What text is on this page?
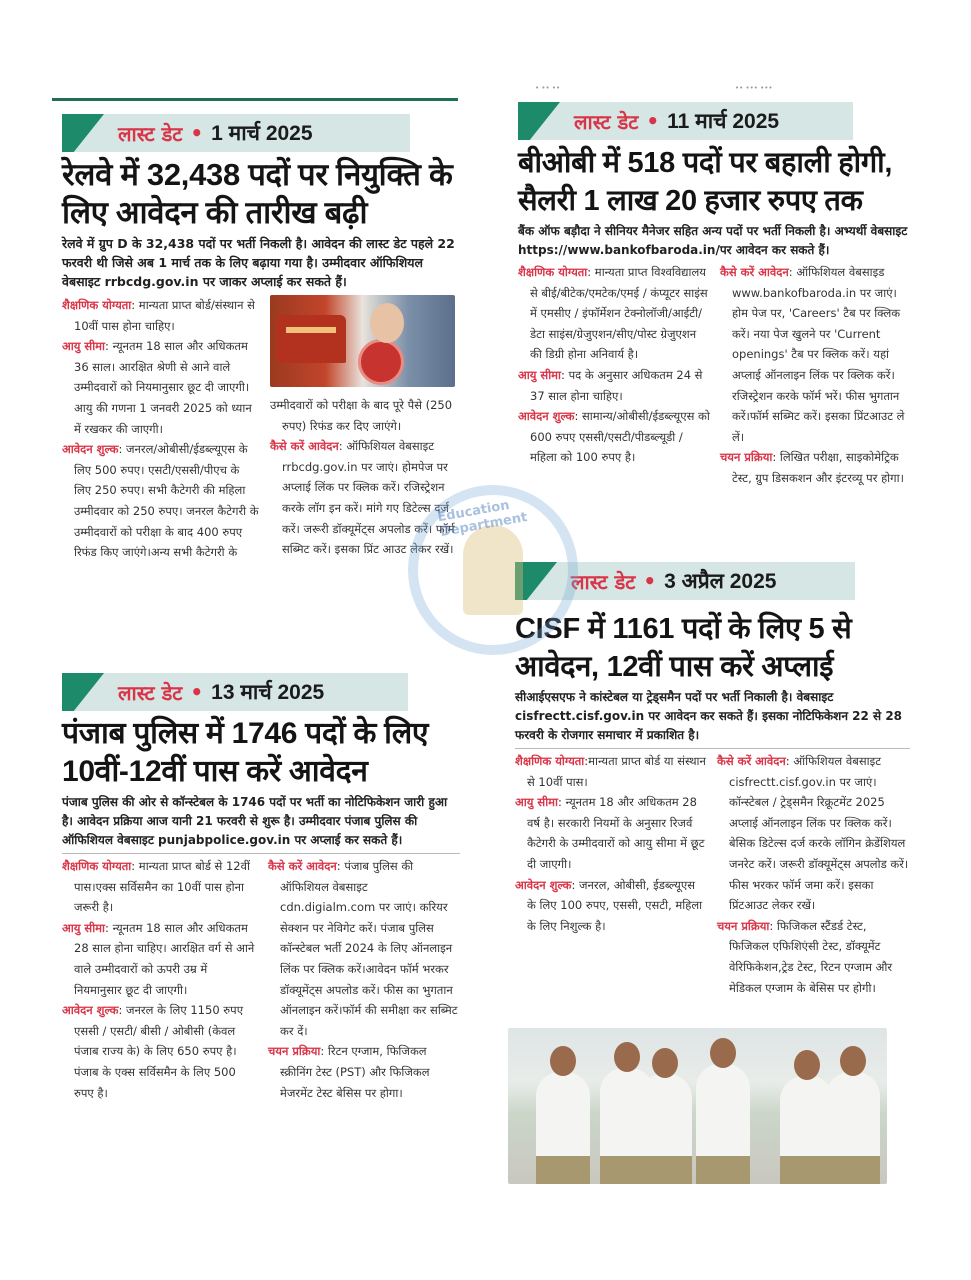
• •• ••	•• ••• •••
लास्ट डेट • 1 मार्च 2025
रेलवे में 32,438 पदों पर नियुक्ति के लिए आवेदन की तारीख बढ़ी
रेलवे में ग्रुप D के 32,438 पदों पर भर्ती निकली है। आवेदन की लास्ट डेट पहले 22 फरवरी थी जिसे अब 1 मार्च तक के लिए बढ़ाया गया है। उम्मीदवार ऑफिशियल वेबसाइट rrbcdg.gov.in पर जाकर अप्लाई कर सकते हैं।
शैक्षणिक योग्यता: मान्यता प्राप्त बोर्ड/संस्थान से 10वीं पास होना चाहिए।
आयु सीमा: न्यूनतम 18 साल और अधिकतम 36 साल। आरक्षित श्रेणी से आने वाले उम्मीदवारों को नियमानुसार छूट दी जाएगी।आयु की गणना 1 जनवरी 2025 को ध्यान में रखकर की जाएगी।
आवेदन शुल्क: जनरल/ओबीसी/ईडब्ल्यूएस के लिए 500 रुपए। एसटी/एससी/पीएच के लिए 250 रुपए। सभी कैटेगरी की महिला उम्मीदवार को 250 रुपए। जनरल कैटेगरी के उम्मीदवारों को परीक्षा के बाद 400 रुपए रिफंड किए जाएंगे।अन्य सभी कैटेगरी के
उम्मीदवारों को परीक्षा के बाद पूरे पैसे (250 रुपए) रिफंड कर दिए जाएंगे।
कैसे करें आवेदन: ऑफिशियल वेबसाइट rrbcdg.gov.in पर जाएं। होमपेज पर अप्लाई लिंक पर क्लिक करें। रजिस्ट्रेशन करके लॉग इन करें। मांगे गए डिटेल्स दर्ज करें। जरूरी डॉक्यूमेंट्स अपलोड करें। फॉर्म सब्मिट करें। इसका प्रिंट आउट लेकर रखें।
लास्ट डेट • 11 मार्च 2025
बीओबी में 518 पदों पर बहाली होगी, सैलरी 1 लाख 20 हजार रुपए तक
बैंक ऑफ बड़ौदा ने सीनियर मैनेजर सहित अन्य पदों पर भर्ती निकली है। अभ्यर्थी वेबसाइट https://www.bankofbaroda.in/पर आवेदन कर सकते हैं।
शैक्षणिक योग्यता: मान्यता प्राप्त विश्वविद्यालय से बीई/बीटेक/एमटेक/एमई / कंप्यूटर साइंस में एमसीए / इंफॉर्मेशन टेक्नोलॉजी/आईटी/डेटा साइंस/ग्रेजुएशन/सीए/पोस्ट ग्रेजुएशन की डिग्री होना अनिवार्य है।
आयु सीमा: पद के अनुसार अधिकतम 24 से 37 साल होना चाहिए।
आवेदन शुल्क: सामान्य/ओबीसी/ईडब्ल्यूएस को 600 रुपए एससी/एसटी/पीडब्ल्यूडी / महिला को 100 रुपए है।
कैसे करें आवेदन: ऑफिशियल वेबसाइड www.bankofbaroda.in पर जाएं। होम पेज पर, 'Careers' टैब पर क्लिक करें। नया पेज खुलने पर 'Current openings' टैब पर क्लिक करें। यहां अप्लाई ऑनलाइन लिंक पर क्लिक करें। रजिस्ट्रेशन करके फॉर्म भरें। फीस भुगतान करें।फॉर्म सब्मिट करें। इसका प्रिंटआउट ले लें।
चयन प्रक्रिया: लिखित परीक्षा, साइकोमेट्रिक टेस्ट, ग्रुप डिसकशन और इंटरव्यू पर होगा।
लास्ट डेट • 13 मार्च 2025
पंजाब पुलिस में 1746 पदों के लिए 10वीं-12वीं पास करें आवेदन
पंजाब पुलिस की ओर से कॉन्स्टेबल के 1746 पदों पर भर्ती का नोटिफिकेशन जारी हुआ है। आवेदन प्रक्रिया आज यानी 21 फरवरी से शुरू है। उम्मीदवार पंजाब पुलिस की ऑफिशियल वेबसाइट punjabpolice.gov.in पर अप्लाई कर सकते हैं।
शैक्षणिक योग्यता: मान्यता प्राप्त बोर्ड से 12वीं पास।एक्स सर्विसमैन का 10वीं पास होना जरूरी है।
आयु सीमा: न्यूनतम 18 साल और अधिकतम 28 साल होना चाहिए। आरक्षित वर्ग से आने वाले उम्मीदवारों को ऊपरी उम्र में नियमानुसार छूट दी जाएगी।
आवेदन शुल्क: जनरल के लिए 1150 रुपए एससी / एसटी/ बीसी / ओबीसी (केवल पंजाब राज्य के) के लिए 650 रुपए है। पंजाब के एक्स सर्विसमैन के लिए 500 रुपए है।
कैसे करें आवेदन: पंजाब पुलिस की ऑफिशियल वेबसाइट cdn.digialm.com पर जाएं। करियर सेक्शन पर नेविगेट करें। पंजाब पुलिस कॉन्स्टेबल भर्ती 2024 के लिए ऑनलाइन लिंक पर क्लिक करें।आवेदन फॉर्म भरकर डॉक्यूमेंट्स अपलोड करें। फीस का भुगतान ऑनलाइन करें।फॉर्म की समीक्षा कर सब्मिट कर दें।
चयन प्रक्रिया: रिटन एग्जाम, फिजिकल स्क्रीनिंग टेस्ट (PST) और फिजिकल मेजरमेंट टेस्ट बेसिस पर होगा।
लास्ट डेट • 3 अप्रैल 2025
CISF में 1161 पदों के लिए 5 से आवेदन, 12वीं पास करें अप्लाई
सीआईएसएफ ने कांस्टेबल या ट्रेड्समैन पदों पर भर्ती निकाली है। वेबसाइट cisfrectt.cisf.gov.in पर आवेदन कर सकते हैं। इसका नोटिफिकेशन 22 से 28 फरवरी के रोजगार समाचार में प्रकाशित है।
शैक्षणिक योग्यता:मान्यता प्राप्त बोर्ड या संस्थान से 10वीं पास।
आयु सीमा: न्यूनतम 18 और अधिकतम 28 वर्ष है। सरकारी नियमों के अनुसार रिजर्व कैटेगरी के उम्मीदवारों को आयु सीमा में छूट दी जाएगी।
आवेदन शुल्क: जनरल, ओबीसी, ईडब्ल्यूएस के लिए 100 रुपए, एससी, एसटी, महिला के लिए निशुल्क है।
कैसे करें आवेदन: ऑफिशियल वेबसाइट cisfrectt.cisf.gov.in पर जाएं। कॉन्स्टेबल / ट्रेड्समैन रिक्रूटमेंट 2025 अप्लाई ऑनलाइन लिंक पर क्लिक करें। बेसिक डिटेल्स दर्ज करके लॉगिन क्रेडेंशियल जनरेट करें। जरूरी डॉक्यूमेंट्स अपलोड करें। फीस भरकर फॉर्म जमा करें। इसका प्रिंटआउट लेकर रखें।
चयन प्रक्रिया: फिजिकल स्टैंडर्ड टेस्ट, फिजिकल एफिशिएंसी टेस्ट, डॉक्यूमेंट वेरिफिकेशन,ट्रेड टेस्ट, रिटन एग्जाम और मेडिकल एग्जाम के बेसिस पर होगी।
Education Department
